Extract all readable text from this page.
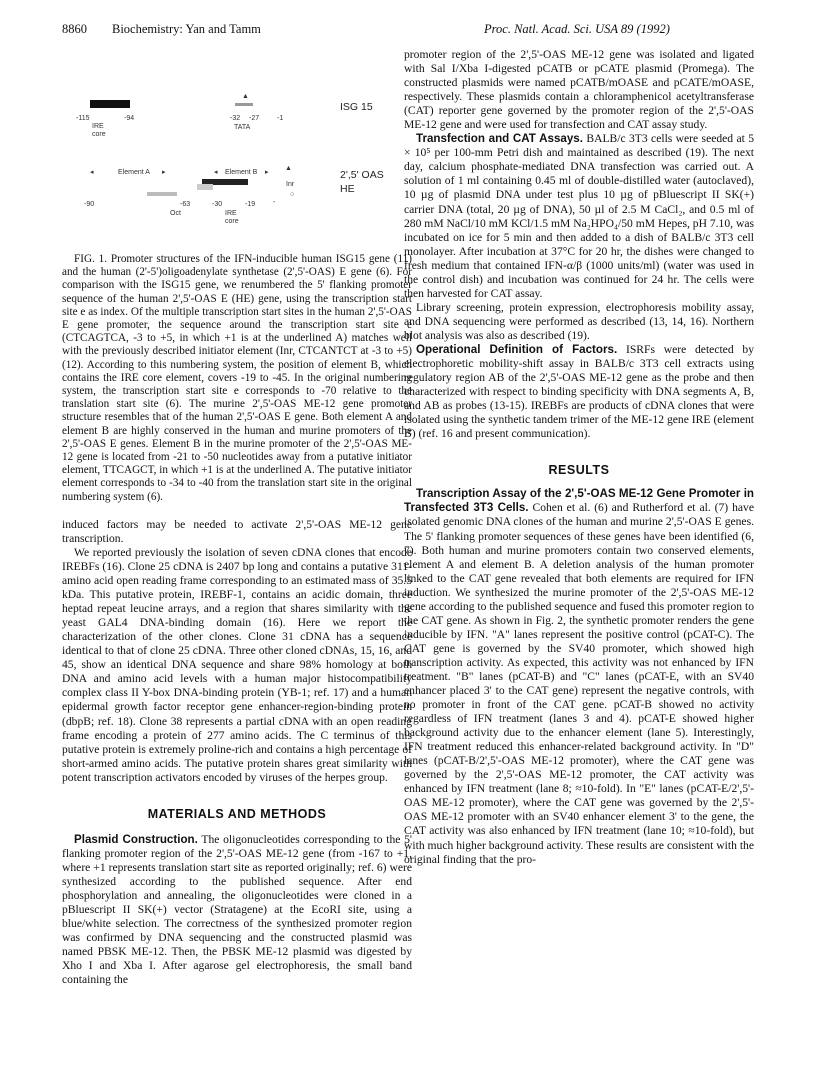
8860 Biochemistry: Yan and Tamm	Proc. Natl. Acad. Sci. USA 89 (1992)
-115	-94
IRE
core
▲
-32 -27	-1
TATA
ISG 15
◂	Element A ▸	◂ Element B ▸
▲
Inr
○
-90	-63	-30	-19	-
Oct	IRE
core
2',5' OAS
HE

FIG. 1. Promoter structures of the IFN-inducible human ISG15 gene (11) and the human (2'-5')oligoadenylate synthetase (2',5'-OAS) E gene (6). For comparison with the ISG15 gene, we renumbered the 5' flanking promoter sequence of the human 2',5'-OAS E (HE) gene, using the transcription start site e as index. Of the multiple transcription start sites in the human 2',5'-OAS E gene promoter, the sequence around the transcription start site e (CTCAGTCA, -3 to +5, in which +1 is at the underlined A) matches well with the previously described initiator element (Inr, CTCANTCT at -3 to +5) (12). According to this numbering system, the position of element B, which contains the IRE core element, covers -19 to -45. In the original numbering system, the transcription start site e corresponds to -70 relative to the translation start site (6). The murine 2',5'-OAS ME-12 gene promoter structure resembles that of the human 2',5'-OAS E gene. Both element A and element B are highly conserved in the human and murine promoters of the 2',5'-OAS E genes. Element B in the murine promoter of the 2',5'-OAS ME-12 gene is located from -21 to -50 nucleotides away from a putative initiator element, TTCAGCT, in which +1 is at the underlined A. The putative initiator element corresponds to -34 to -40 from the translation start site in the original numbering system (6).

induced factors may be needed to activate 2',5'-OAS ME-12 gene transcription.

We reported previously the isolation of seven cDNA clones that encode IREBFs (16). Clone 25 cDNA is 2407 bp long and contains a putative 311-amino acid open reading frame corresponding to an estimated mass of 35.5 kDa. This putative protein, IREBF-1, contains an acidic domain, three heptad repeat leucine arrays, and a region that shares similarity with the yeast GAL4 DNA-binding domain (16). Here we report the characterization of the other clones. Clone 31 cDNA has a sequence identical to that of clone 25 cDNA. Three other cloned cDNAs, 15, 16, and 45, show an identical DNA sequence and share 98% homology at both DNA and amino acid levels with a human major histocompatibility complex class II Y-box DNA-binding protein (YB-1; ref. 17) and a human epidermal growth factor receptor gene enhancer-region-binding protein (dbpB; ref. 18). Clone 38 represents a partial cDNA with an open reading frame encoding a protein of 277 amino acids. The C terminus of this putative protein is extremely proline-rich and contains a high percentage of short-armed amino acids. The putative protein shares great similarity with potent transcription activators encoded by viruses of the herpes group.

MATERIALS AND METHODS

Plasmid Construction. The oligonucleotides corresponding to the 5' flanking promoter region of the 2',5'-OAS ME-12 gene (from -167 to +1, where +1 represents translation start site as reported originally; ref. 6) were synthesized according to the published sequence. After end phosphorylation and annealing, the oligonucleotides were cloned in a pBluescript II SK(+) vector (Stratagene) at the EcoRI site, using a blue/white selection. The correctness of the synthesized promoter region was confirmed by DNA sequencing and the constructed plasmid was named PBSK ME-12. Then, the PBSK ME-12 plasmid was digested by Xho I and Xba I. After agarose gel electrophoresis, the small band containing the

promoter region of the 2',5'-OAS ME-12 gene was isolated and ligated with Sal I/Xba I-digested pCATB or pCATE plasmid (Promega). The constructed plasmids were named pCATB/mOASE and pCATE/mOASE, respectively. These plasmids contain a chloramphenicol acetyltransferase (CAT) reporter gene governed by the promoter region of the 2',5'-OAS ME-12 gene and were used for transfection and CAT assay study.

Transfection and CAT Assays. BALB/c 3T3 cells were seeded at 5 × 10⁵ per 100-mm Petri dish and maintained as described (19). The next day, calcium phosphate-mediated DNA transfection was carried out. A solution of 1 ml containing 0.45 ml of double-distilled water (autoclaved), 10 µg of plasmid DNA under test plus 10 µg of pBluescript II SK(+) carrier DNA (total, 20 µg of DNA), 50 µl of 2.5 M CaCl₂, and 0.5 ml of 280 mM NaCl/10 mM KCl/1.5 mM Na₂HPO₄/50 mM Hepes, pH 7.10, was incubated on ice for 5 min and then added to a dish of BALB/c 3T3 cell monolayer. After incubation at 37°C for 20 hr, the dishes were changed to fresh medium that contained IFN-α/β (1000 units/ml) (water was used in the control dish) and incubation was continued for 24 hr. The cells were then harvested for CAT assay.

Library screening, protein expression, electrophoresis mobility assay, and DNA sequencing were performed as described (13, 14, 16). Northern blot analysis was also as described (19).

Operational Definition of Factors. ISRFs were detected by electrophoretic mobility-shift assay in BALB/c 3T3 cell extracts using regulatory region AB of the 2',5'-OAS ME-12 gene as the probe and then characterized with respect to binding specificity with DNA segments A, B, and AB as probes (13-15). IREBFs are products of cDNA clones that were isolated using the synthetic tandem trimer of the ME-12 gene IRE (element B) (ref. 16 and present communication).

RESULTS

Transcription Assay of the 2',5'-OAS ME-12 Gene Promoter in Transfected 3T3 Cells. Cohen et al. (6) and Rutherford et al. (7) have isolated genomic DNA clones of the human and murine 2',5'-OAS E genes. The 5' flanking promoter sequences of these genes have been identified (6, 7). Both human and murine promoters contain two conserved elements, element A and element B. A deletion analysis of the human promoter linked to the CAT gene revealed that both elements are required for IFN induction. We synthesized the murine promoter of the 2',5'-OAS ME-12 gene according to the published sequence and fused this promoter region to the CAT gene. As shown in Fig. 2, the synthetic promoter renders the gene inducible by IFN. "A" lanes represent the positive control (pCAT-C). The CAT gene is governed by the SV40 promoter, which showed high transcription activity. As expected, this activity was not enhanced by IFN treatment. "B" lanes (pCAT-B) and "C" lanes (pCAT-E, with an SV40 enhancer placed 3' to the CAT gene) represent the negative controls, with no promoter in front of the CAT gene. pCAT-B showed no activity regardless of IFN treatment (lanes 3 and 4). pCAT-E showed higher background activity due to the enhancer element (lane 5). Interestingly, IFN treatment reduced this enhancer-related background activity. In "D" lanes (pCAT-B/2',5'-OAS ME-12 promoter), where the CAT gene was governed by the 2',5'-OAS ME-12 promoter, the CAT activity was enhanced by IFN treatment (lane 8; ≈10-fold). In "E" lanes (pCAT-E/2',5'-OAS ME-12 promoter), where the CAT gene was governed by the 2',5'-OAS ME-12 promoter with an SV40 enhancer element 3' to the gene, the CAT activity was also enhanced by IFN treatment (lane 10; ≈10-fold), but with much higher background activity. These results are consistent with the original finding that the pro-
